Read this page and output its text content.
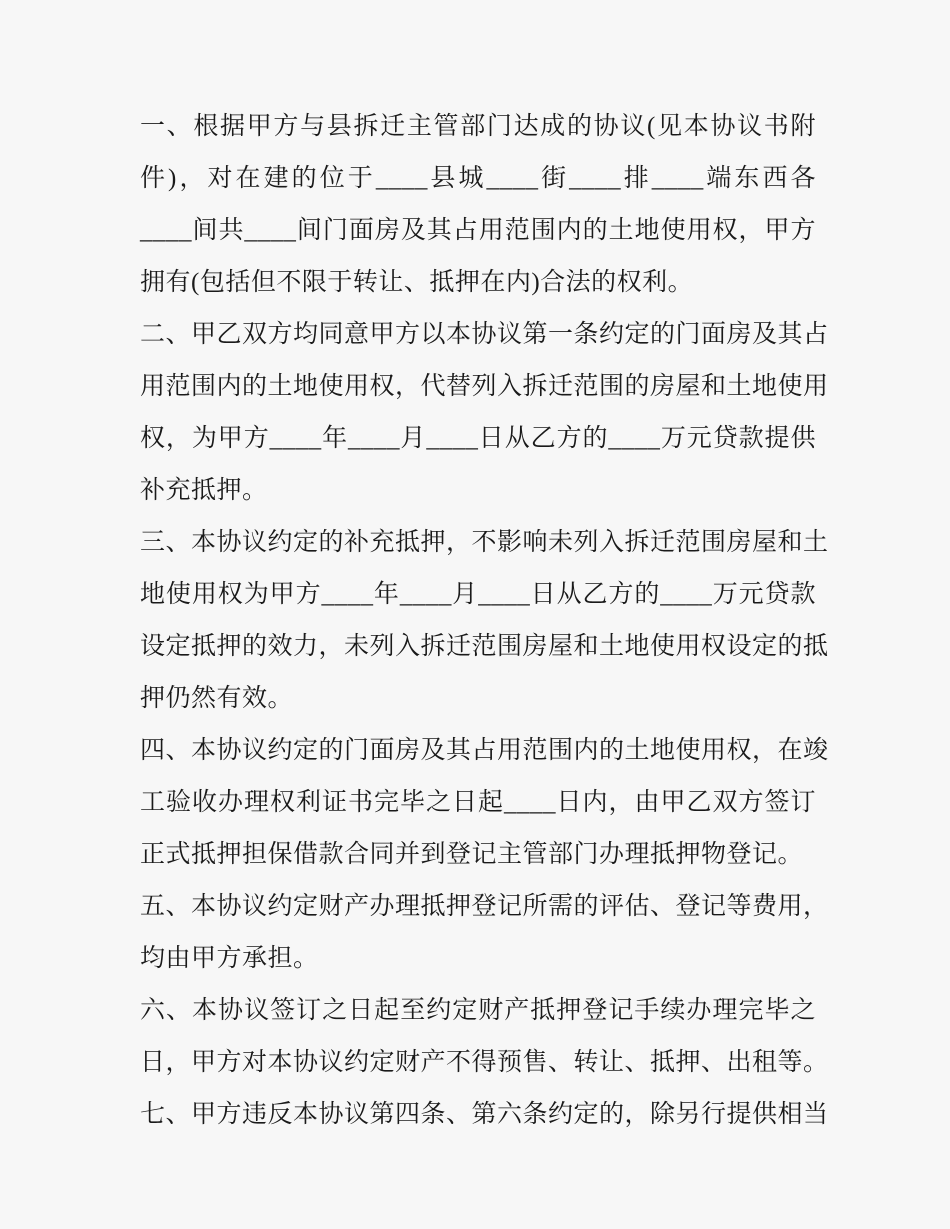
一、根据甲方与县拆迁主管部门达成的协议(见本协议书附
件)，对在建的位于____县城____街____排____端东西各
____间共____间门面房及其占用范围内的土地使用权，甲方
拥有(包括但不限于转让、抵押在内)合法的权利。
二、甲乙双方均同意甲方以本协议第一条约定的门面房及其占
用范围内的土地使用权，代替列入拆迁范围的房屋和土地使用
权，为甲方____年____月____日从乙方的____万元贷款提供
补充抵押。
三、本协议约定的补充抵押，不影响未列入拆迁范围房屋和土
地使用权为甲方____年____月____日从乙方的____万元贷款
设定抵押的效力，未列入拆迁范围房屋和土地使用权设定的抵
押仍然有效。
四、本协议约定的门面房及其占用范围内的土地使用权，在竣
工验收办理权利证书完毕之日起____日内，由甲乙双方签订
正式抵押担保借款合同并到登记主管部门办理抵押物登记。
五、本协议约定财产办理抵押登记所需的评估、登记等费用，
均由甲方承担。
六、本协议签订之日起至约定财产抵押登记手续办理完毕之
日，甲方对本协议约定财产不得预售、转让、抵押、出租等。
七、甲方违反本协议第四条、第六条约定的，除另行提供相当
